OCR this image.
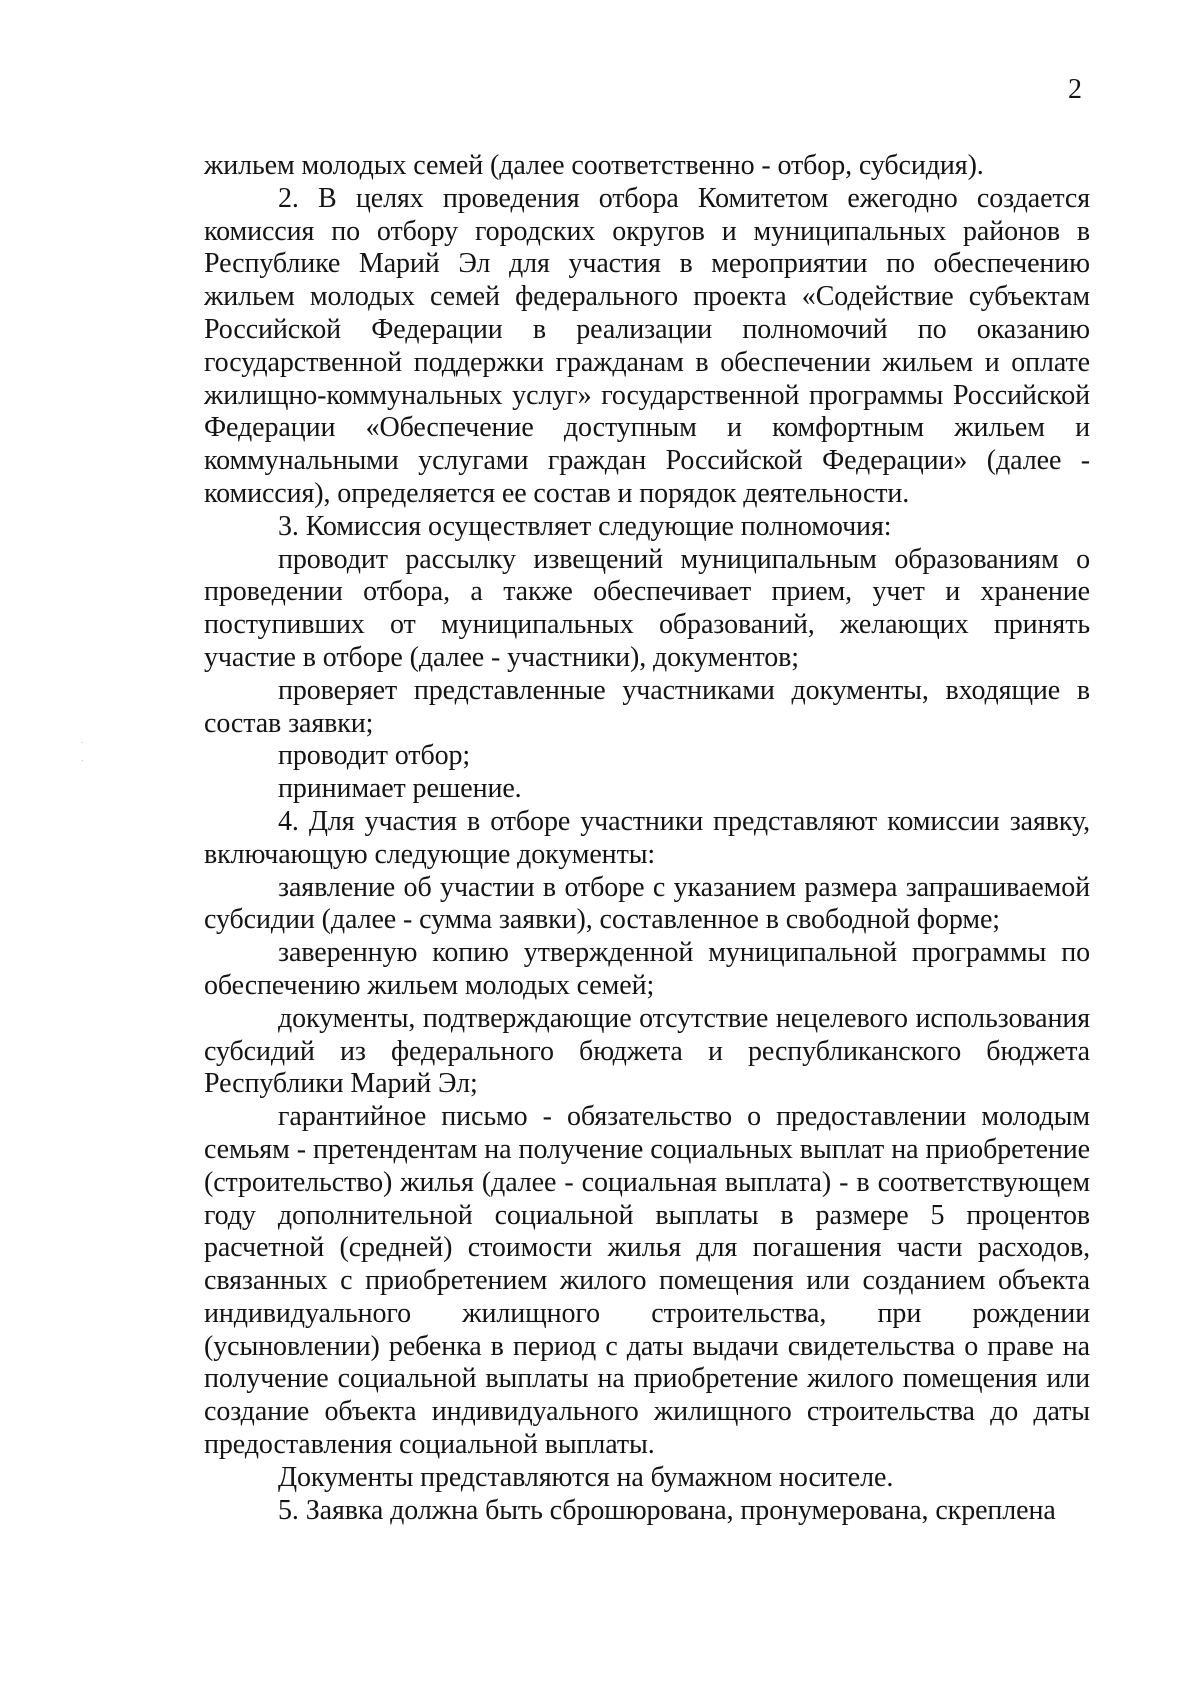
2

жильем молодых семей (далее соответственно - отбор, субсидия).

2. В целях проведения отбора Комитетом ежегодно создается комиссия по отбору городских округов и муниципальных районов в Республике Марий Эл для участия в мероприятии по обеспечению жильем молодых семей федерального проекта «Содействие субъектам Российской Федерации в реализации полномочий по оказанию государственной поддержки гражданам в обеспечении жильем и оплате жилищно-коммунальных услуг» государственной программы Российской Федерации «Обеспечение доступным и комфортным жильем и коммунальными услугами граждан Российской Федерации» (далее - комиссия), определяется ее состав и порядок деятельности.

3. Комиссия осуществляет следующие полномочия:

проводит рассылку извещений муниципальным образованиям о проведении отбора, а также обеспечивает прием, учет и хранение поступивших от муниципальных образований, желающих принять участие в отборе (далее - участники), документов;

проверяет представленные участниками документы, входящие в состав заявки;

проводит отбор;

принимает решение.

4. Для участия в отборе участники представляют комиссии заявку, включающую следующие документы:

заявление об участии в отборе с указанием размера запрашиваемой субсидии (далее - сумма заявки), составленное в свободной форме;

заверенную копию утвержденной муниципальной программы по обеспечению жильем молодых семей;

документы, подтверждающие отсутствие нецелевого использования субсидий из федерального бюджета и республиканского бюджета Республики Марий Эл;

гарантийное письмо - обязательство о предоставлении молодым семьям - претендентам на получение социальных выплат на приобретение (строительство) жилья (далее - социальная выплата) - в соответствующем году дополнительной социальной выплаты в размере 5 процентов расчетной (средней) стоимости жилья для погашения части расходов, связанных с приобретением жилого помещения или созданием объекта индивидуального жилищного строительства, при рождении (усыновлении) ребенка в период с даты выдачи свидетельства о праве на получение социальной выплаты на приобретение жилого помещения или создание объекта индивидуального жилищного строительства до даты предоставления социальной выплаты.

Документы представляются на бумажном носителе.

5. Заявка должна быть сброшюрована, пронумерована, скреплена
